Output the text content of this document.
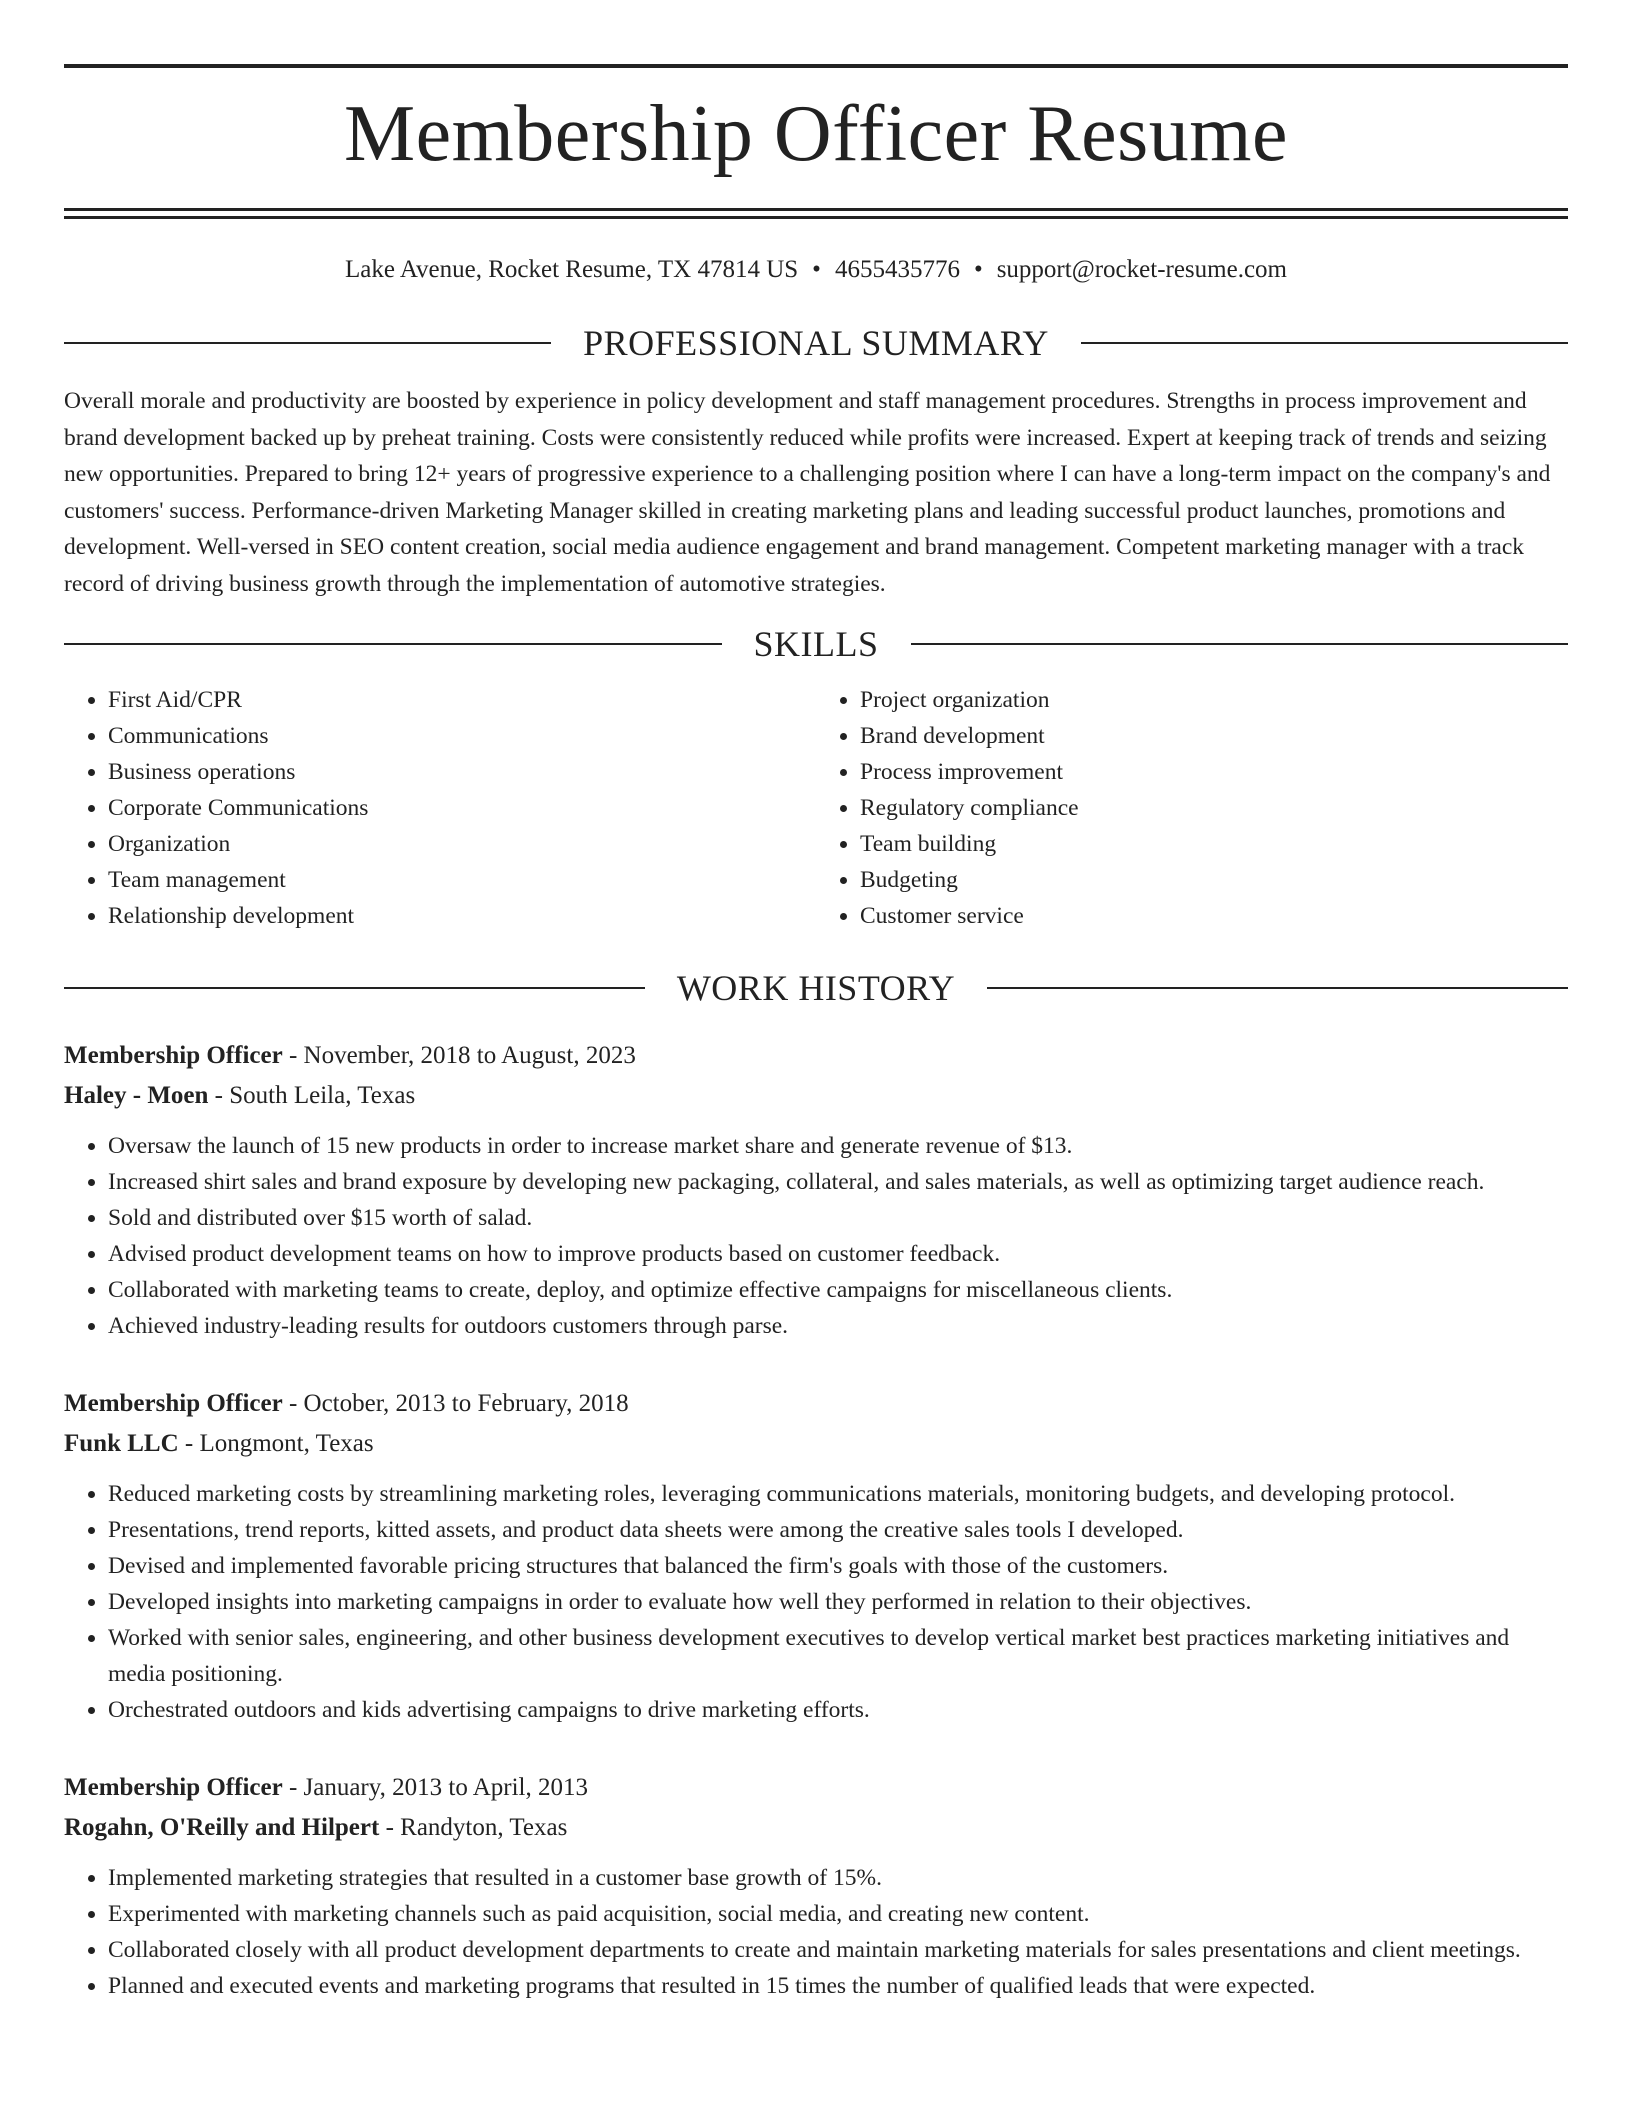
Membership Officer Resume
Lake Avenue, Rocket Resume, TX 47814 US • 4655435776 • support@rocket-resume.com
PROFESSIONAL SUMMARY

Overall morale and productivity are boosted by experience in policy development and staff management procedures. Strengths in process improvement and brand development backed up by preheat training. Costs were consistently reduced while profits were increased. Expert at keeping track of trends and seizing new opportunities. Prepared to bring 12+ years of progressive experience to a challenging position where I can have a long-term impact on the company's and customers' success. Performance-driven Marketing Manager skilled in creating marketing plans and leading successful product launches, promotions and development. Well-versed in SEO content creation, social media audience engagement and brand management. Competent marketing manager with a track record of driving business growth through the implementation of automotive strategies.

SKILLS
• First Aid/CPR
• Communications
• Business operations
• Corporate Communications
• Organization
• Team management
• Relationship development
• Project organization
• Brand development
• Process improvement
• Regulatory compliance
• Team building
• Budgeting
• Customer service
WORK HISTORY
Membership Officer - November, 2018 to August, 2023
Haley - Moen - South Leila, Texas
• Oversaw the launch of 15 new products in order to increase market share and generate revenue of $13.
• Increased shirt sales and brand exposure by developing new packaging, collateral, and sales materials, as well as optimizing target audience reach.
• Sold and distributed over $15 worth of salad.
• Advised product development teams on how to improve products based on customer feedback.
• Collaborated with marketing teams to create, deploy, and optimize effective campaigns for miscellaneous clients.
• Achieved industry-leading results for outdoors customers through parse.
Membership Officer - October, 2013 to February, 2018
Funk LLC - Longmont, Texas
• Reduced marketing costs by streamlining marketing roles, leveraging communications materials, monitoring budgets, and developing protocol.
• Presentations, trend reports, kitted assets, and product data sheets were among the creative sales tools I developed.
• Devised and implemented favorable pricing structures that balanced the firm's goals with those of the customers.
• Developed insights into marketing campaigns in order to evaluate how well they performed in relation to their objectives.
• Worked with senior sales, engineering, and other business development executives to develop vertical market best practices marketing initiatives and media positioning.
• Orchestrated outdoors and kids advertising campaigns to drive marketing efforts.
Membership Officer - January, 2013 to April, 2013
Rogahn, O'Reilly and Hilpert - Randyton, Texas
• Implemented marketing strategies that resulted in a customer base growth of 15%.
• Experimented with marketing channels such as paid acquisition, social media, and creating new content.
• Collaborated closely with all product development departments to create and maintain marketing materials for sales presentations and client meetings.
• Planned and executed events and marketing programs that resulted in 15 times the number of qualified leads that were expected.
